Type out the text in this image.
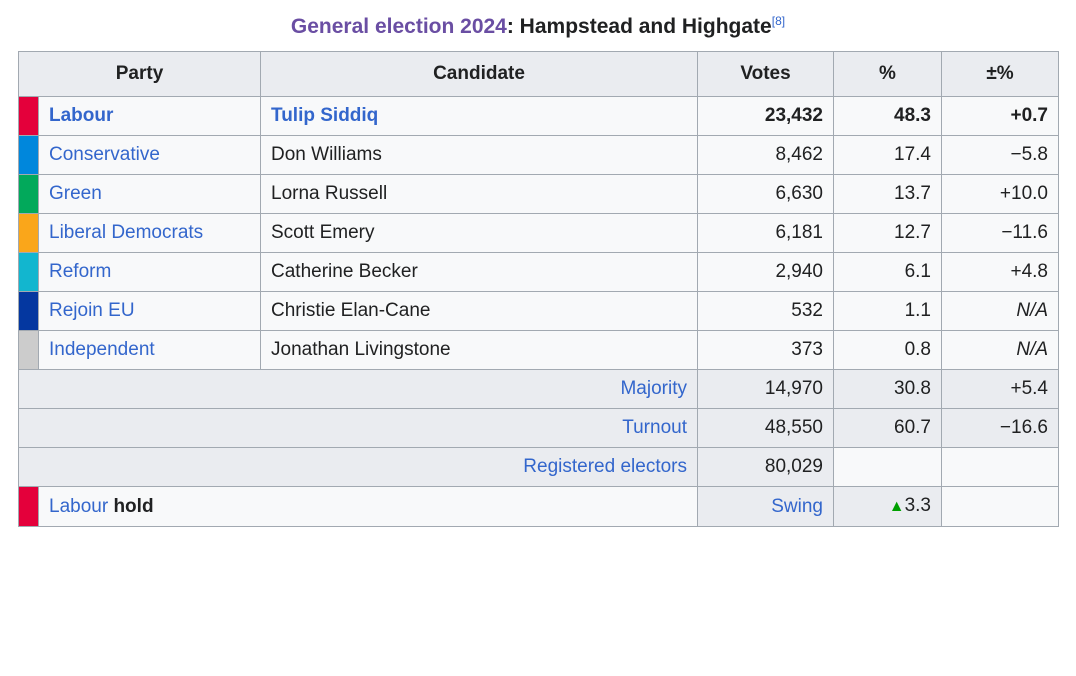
General election 2024: Hampstead and Highgate[8]
Party		Candidate	Votes	%	±%
	Labour	Tulip Siddiq	23,432	48.3	+0.7
	Conservative	Don Williams	8,462	17.4	−5.8
	Green	Lorna Russell	6,630	13.7	+10.0
	Liberal Democrats	Scott Emery	6,181	12.7	−11.6
	Reform	Catherine Becker	2,940	6.1	+4.8
	Rejoin EU	Christie Elan-Cane	532	1.1	N/A
	Independent	Jonathan Livingstone	373	0.8	N/A
Majority			14,970	30.8	+5.4
Turnout			48,550	60.7	−16.6
Registered electors			80,029		
	Labour hold		Swing	▲3.3	
